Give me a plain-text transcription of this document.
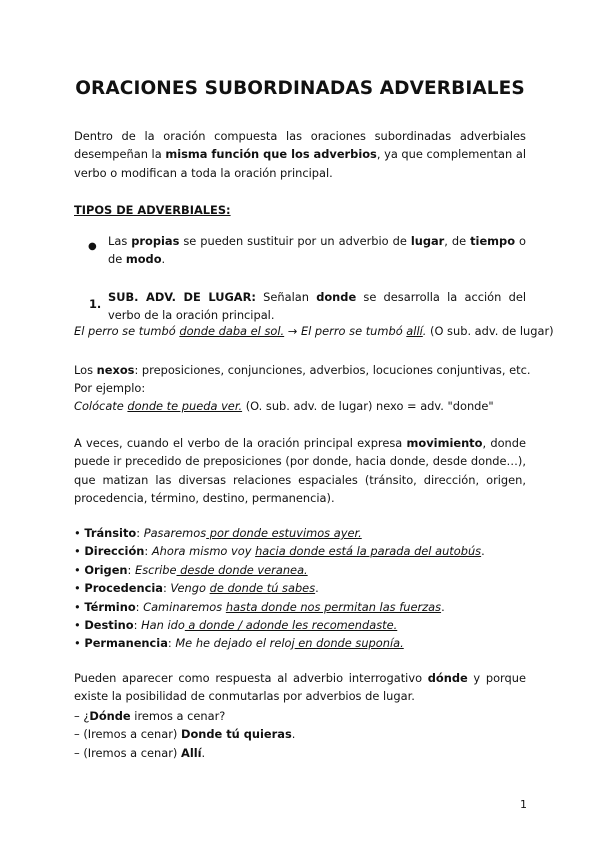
ORACIONES SUBORDINADAS ADVERBIALES
Dentro de la oración compuesta las oraciones subordinadas adverbiales desempeñan la misma función que los adverbios, ya que complementan al verbo o modifican a toda la oración principal.
TIPOS DE ADVERBIALES:
● Las propias se pueden sustituir por un adverbio de lugar, de tiempo o de modo.
1. SUB. ADV. DE LUGAR: Señalan donde se desarrolla la acción del verbo de la oración principal.
El perro se tumbó donde daba el sol. → El perro se tumbó allí. (O sub. adv. de lugar)
Los nexos: preposiciones, conjunciones, adverbios, locuciones conjuntivas, etc.
Por ejemplo:
Colócate donde te pueda ver. (O. sub. adv. de lugar) nexo = adv. "donde"
A veces, cuando el verbo de la oración principal expresa movimiento, donde puede ir precedido de preposiciones (por donde, hacia donde, desde donde…), que matizan las diversas relaciones espaciales (tránsito, dirección, origen, procedencia, término, destino, permanencia).
• Tránsito: Pasaremos por donde estuvimos ayer.
• Dirección: Ahora mismo voy hacia donde está la parada del autobús.
• Origen: Escribe desde donde veranea.
• Procedencia: Vengo de donde tú sabes.
• Término: Caminaremos hasta donde nos permitan las fuerzas.
• Destino: Han ido a donde / adonde les recomendaste.
• Permanencia: Me he dejado el reloj en donde suponía.
Pueden aparecer como respuesta al adverbio interrogativo dónde y porque existe la posibilidad de conmutarlas por adverbios de lugar.
– ¿Dónde iremos a cenar?
– (Iremos a cenar) Donde tú quieras.
– (Iremos a cenar) Allí.
1
